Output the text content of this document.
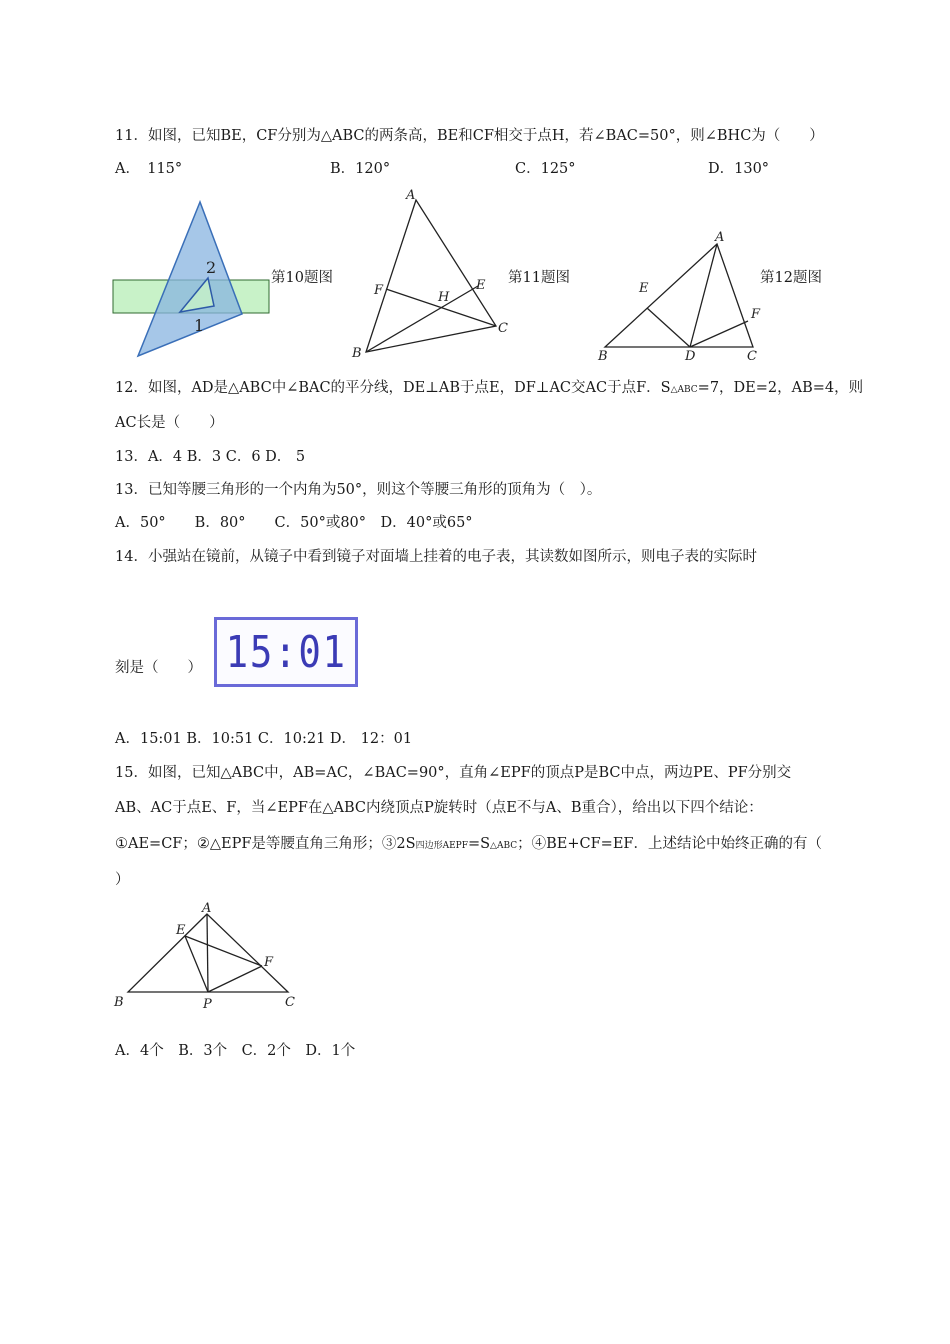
11．如图，已知BE，CF分别为△ABC的两条高，BE和CF相交于点H，若∠BAC=50°，则∠BHC为（　　）
A．　115°	B．120°	C．125°	D．130°
2
1
第10题图
A
F	H
E
B
C
第11题图
A
E
F
B	D	C
第12题图
12．如图，AD是△ABC中∠BAC的平分线，DE⊥AB于点E，DF⊥AC交AC于点F．S△ABC=7，DE=2，AB=4，则
AC长是（　　）
13．A．4 B．3 C．6 D． 5
13．已知等腰三角形的一个内角为50°，则这个等腰三角形的顶角为（　）。
A．50°　　B．80°　　C．50°或80°　D．40°或65°
14．小强站在镜前，从镜子中看到镜子对面墙上挂着的电子表，其读数如图所示，则电子表的实际时
刻是（　　） 15:01
A．15:01 B．10:51 C．10:21 D． 12：01
15．如图，已知△ABC中，AB=AC，∠BAC=90°，直角∠EPF的顶点P是BC中点，两边PE、PF分别交
AB、AC于点E、F，当∠EPF在△ABC内绕顶点P旋转时（点E不与A、B重合），给出以下四个结论：
①AE=CF；②△EPF是等腰直角三角形；③2S四边形AEPF=S△ABC；④BE+CF=EF．上述结论中始终正确的有（
）
A
E
F
B	P	C
A．4个　B．3个　C．2个　D．1个
